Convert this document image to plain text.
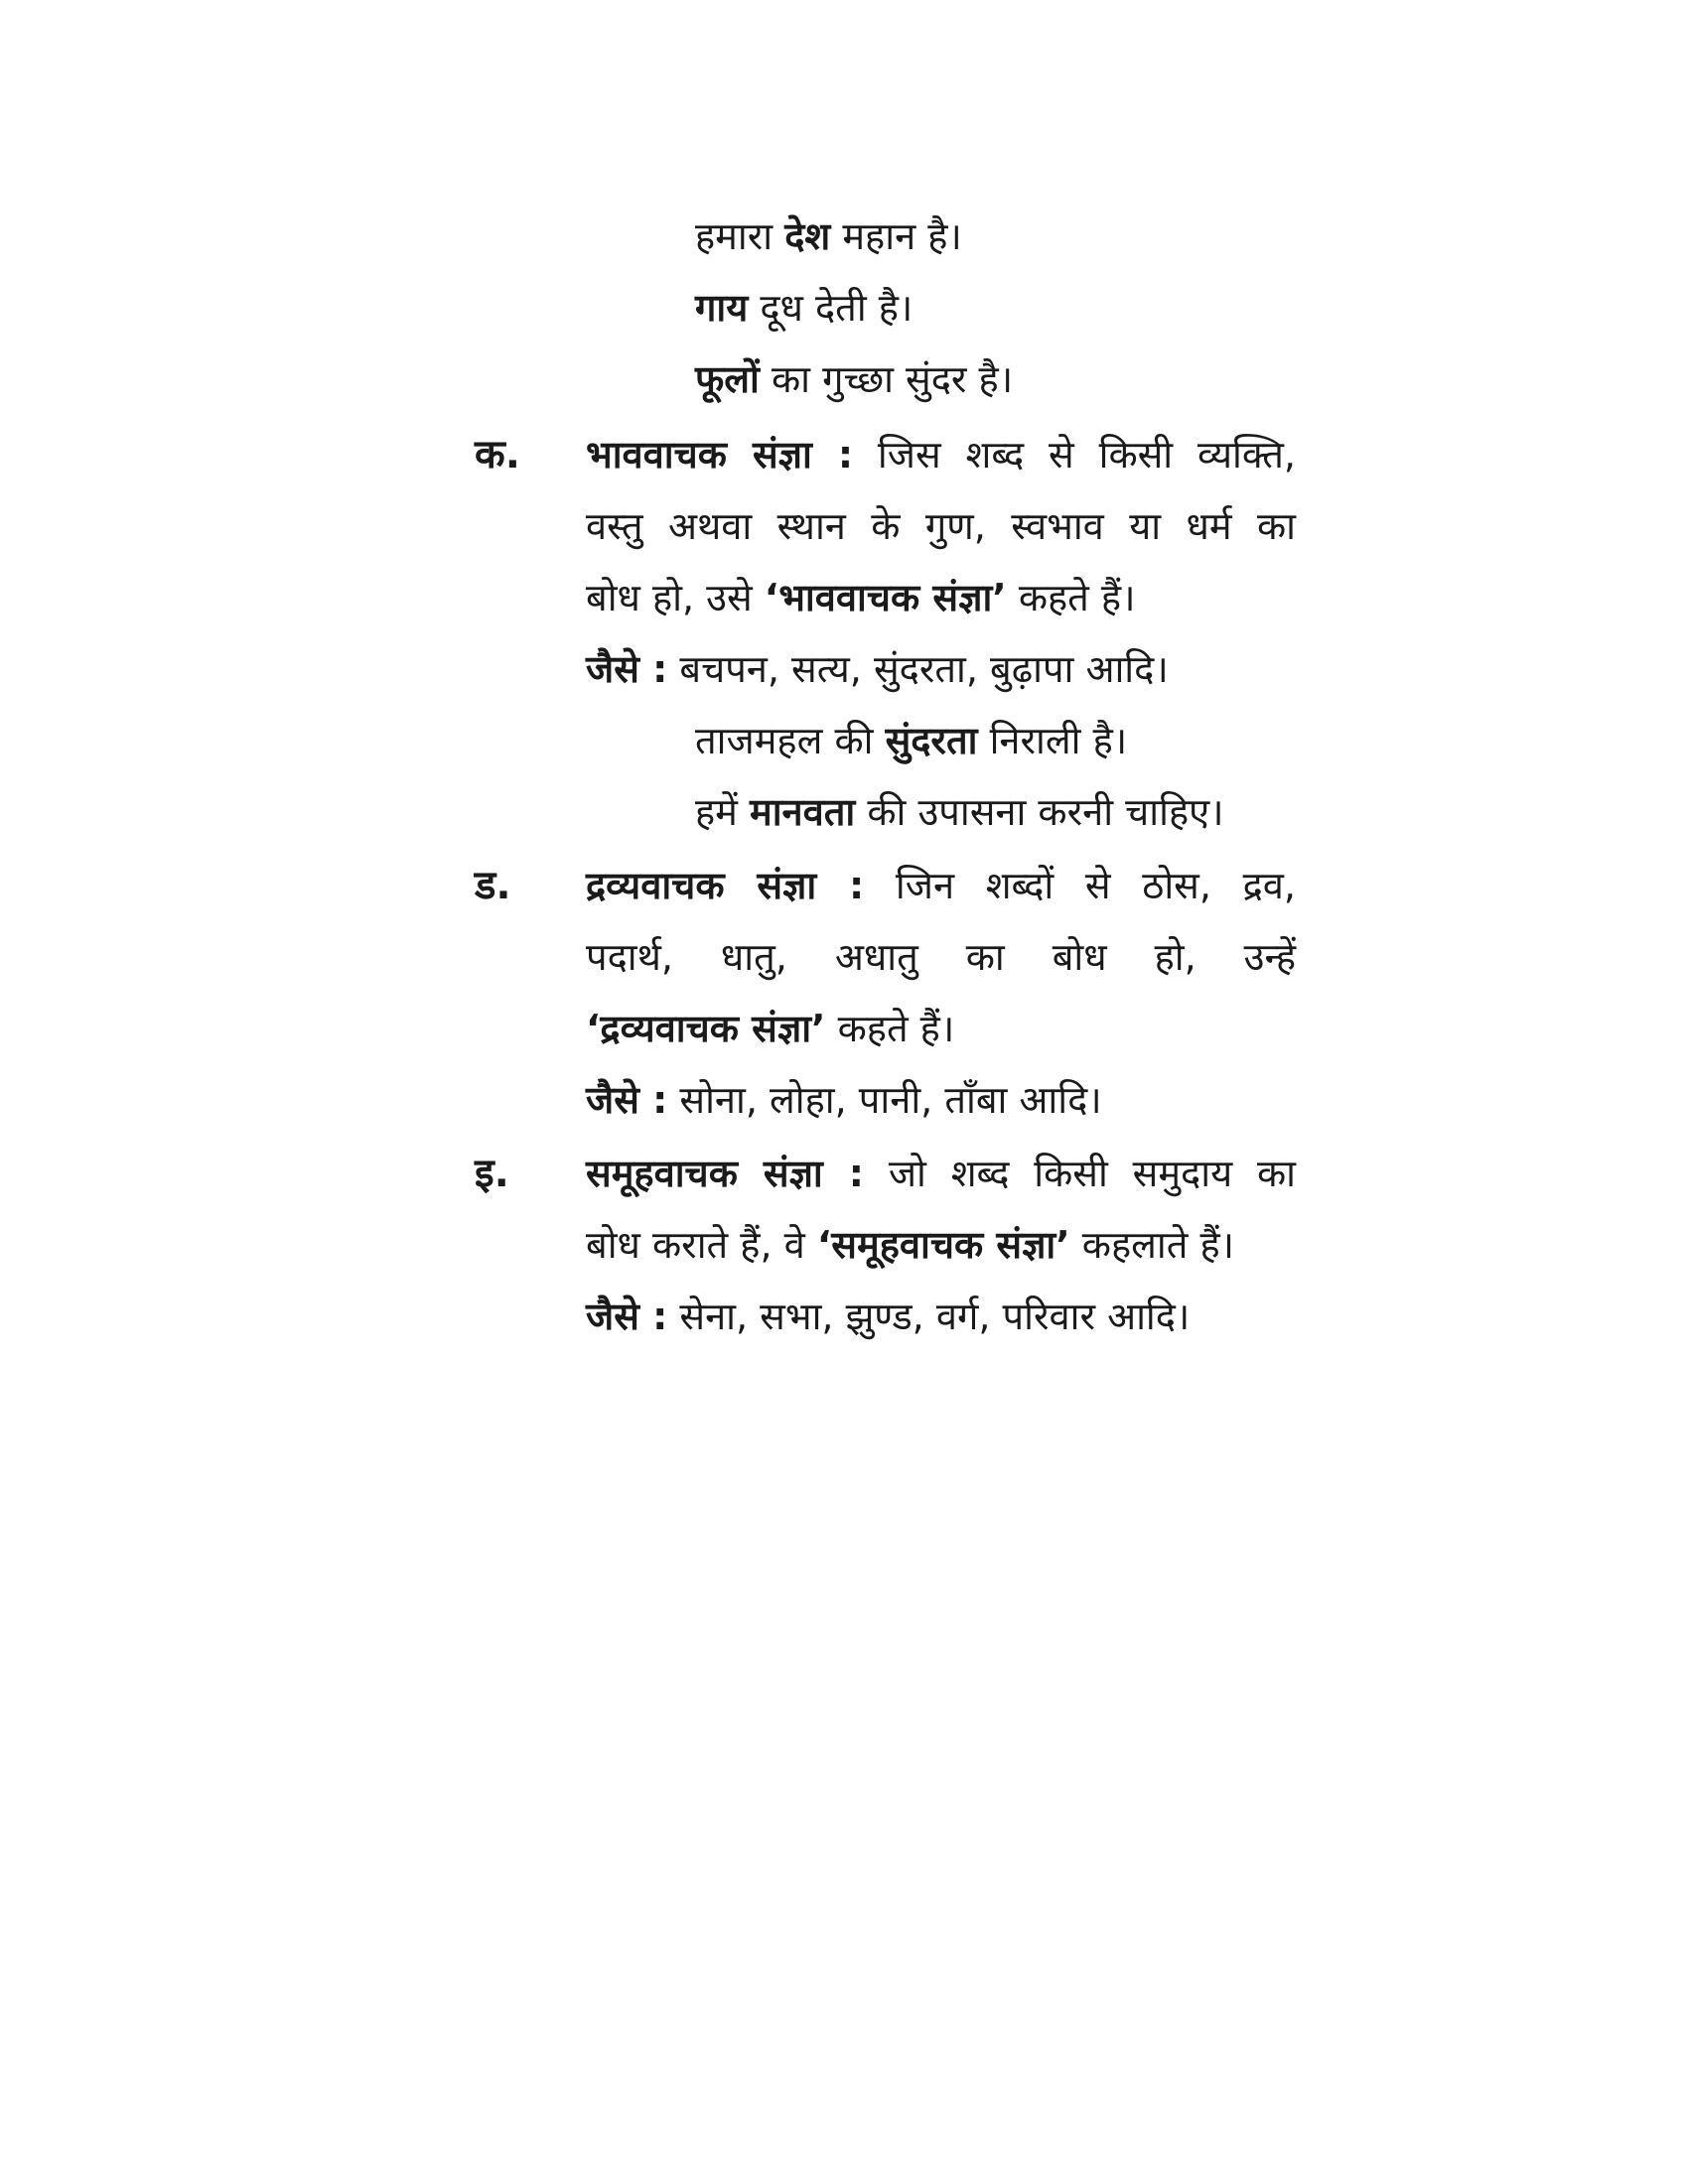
हमारा देश महान है।
गाय दूध देती है।
फूलों का गुच्छा सुंदर है।
क. भाववाचक संज्ञा : जिस शब्द से किसी व्यक्ति,
वस्तु अथवा स्थान के गुण, स्वभाव या धर्म का
बोध हो, उसे ‘भाववाचक संज्ञा’ कहते हैं।
जैसे : बचपन, सत्य, सुंदरता, बुढ़ापा आदि।
ताजमहल की सुंदरता निराली है।
हमें मानवता की उपासना करनी चाहिए।
ड. द्रव्यवाचक संज्ञा : जिन शब्दों से ठोस, द्रव,
पदार्थ, धातु, अधातु का बोध हो, उन्हें
‘द्रव्यवाचक संज्ञा’ कहते हैं।
जैसे : सोना, लोहा, पानी, ताँबा आदि।
इ. समूहवाचक संज्ञा : जो शब्द किसी समुदाय का
बोध कराते हैं, वे ‘समूहवाचक संज्ञा’ कहलाते हैं।
जैसे : सेना, सभा, झुण्ड, वर्ग, परिवार आदि।
